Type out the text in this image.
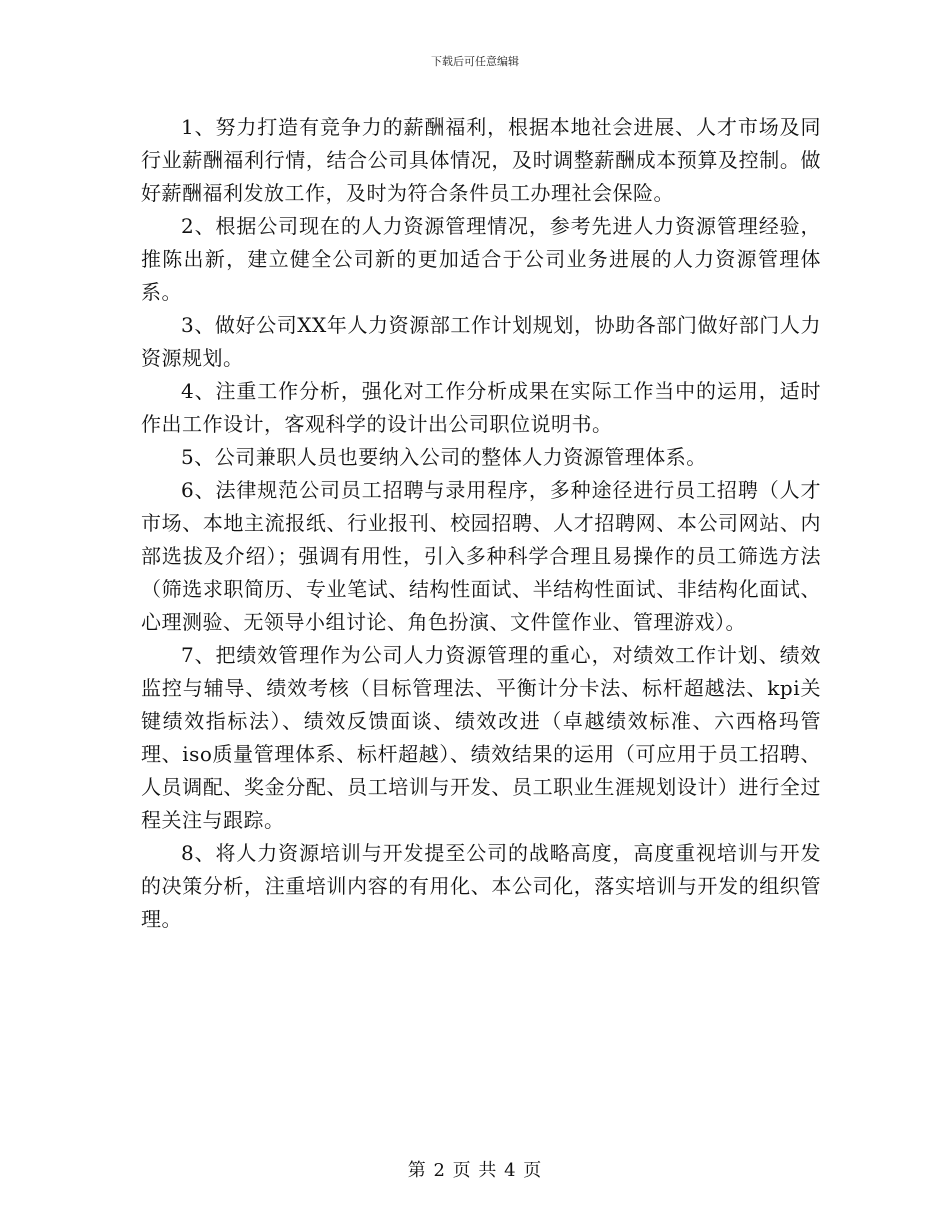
下载后可任意编辑

1、努力打造有竞争力的薪酬福利，根据本地社会进展、人才市场及同行业薪酬福利行情，结合公司具体情况，及时调整薪酬成本预算及控制。做好薪酬福利发放工作，及时为符合条件员工办理社会保险。

2、根据公司现在的人力资源管理情况，参考先进人力资源管理经验，推陈出新，建立健全公司新的更加适合于公司业务进展的人力资源管理体系。

3、做好公司XX年人力资源部工作计划规划，协助各部门做好部门人力资源规划。

4、注重工作分析，强化对工作分析成果在实际工作当中的运用，适时作出工作设计，客观科学的设计出公司职位说明书。

5、公司兼职人员也要纳入公司的整体人力资源管理体系。

6、法律规范公司员工招聘与录用程序，多种途径进行员工招聘（人才市场、本地主流报纸、行业报刊、校园招聘、人才招聘网、本公司网站、内部选拔及介绍）；强调有用性，引入多种科学合理且易操作的员工筛选方法（筛选求职简历、专业笔试、结构性面试、半结构性面试、非结构化面试、心理测验、无领导小组讨论、角色扮演、文件筐作业、管理游戏）。

7、把绩效管理作为公司人力资源管理的重心，对绩效工作计划、绩效监控与辅导、绩效考核（目标管理法、平衡计分卡法、标杆超越法、kpi关键绩效指标法）、绩效反馈面谈、绩效改进（卓越绩效标准、六西格玛管理、iso质量管理体系、标杆超越）、绩效结果的运用（可应用于员工招聘、人员调配、奖金分配、员工培训与开发、员工职业生涯规划设计）进行全过程关注与跟踪。

8、将人力资源培训与开发提至公司的战略高度，高度重视培训与开发的决策分析，注重培训内容的有用化、本公司化，落实培训与开发的组织管理。

第 2 页 共 4 页
